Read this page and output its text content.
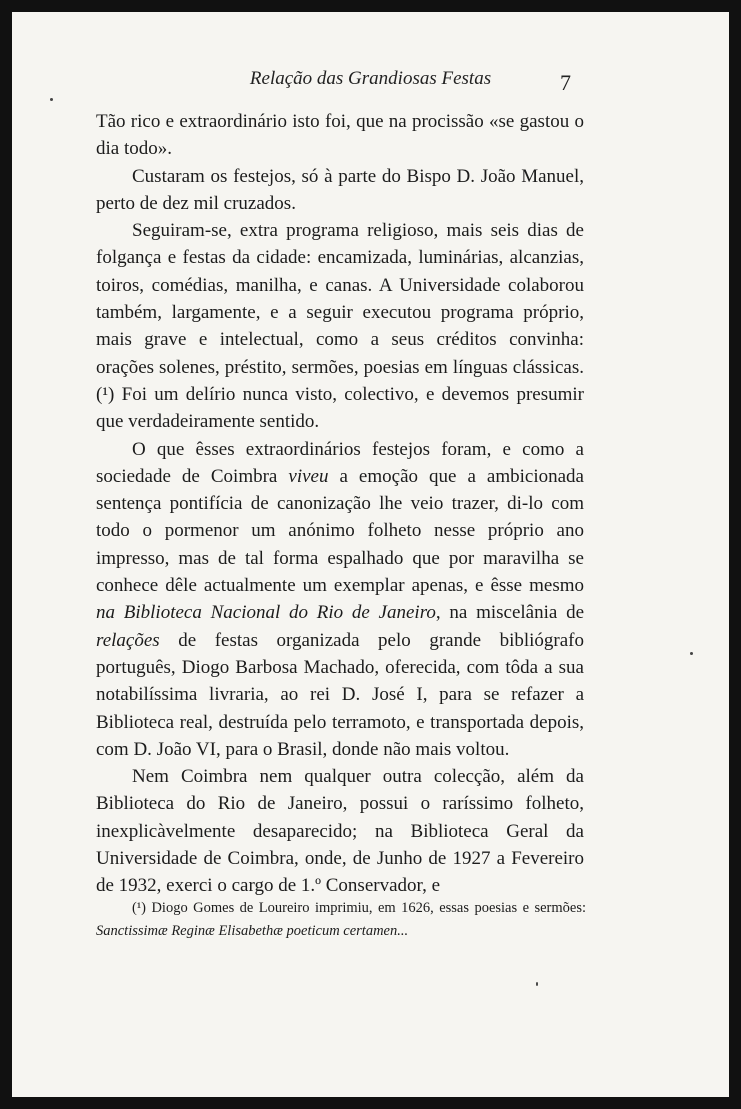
Relação das Grandiosas Festas	7

Tão rico e extraordinário isto foi, que na procissão «se gastou o dia todo».

Custaram os festejos, só à parte do Bispo D. João Manuel, perto de dez mil cruzados.

Seguiram-se, extra programa religioso, mais seis dias de folgança e festas da cidade: encamizada, luminárias, alcanzias, toiros, comédias, manilha, e canas. A Universidade colaborou também, largamente, e a seguir executou programa próprio, mais grave e intelectual, como a seus créditos convinha: orações solenes, préstito, sermões, poesias em línguas clássicas.(¹) Foi um delírio nunca visto, colectivo, e devemos presumir que verdadeiramente sentido.

O que êsses extraordinários festejos foram, e como a sociedade de Coimbra viveu a emoção que a ambicionada sentença pontifícia de canonização lhe veio trazer, di-lo com todo o pormenor um anónimo folheto nesse próprio ano impresso, mas de tal forma espalhado que por maravilha se conhece dêle actualmente um exemplar apenas, e êsse mesmo na Biblioteca Nacional do Rio de Janeiro, na miscelânia de relações de festas organizada pelo grande bibliógrafo português, Diogo Barbosa Machado, oferecida, com tôda a sua notabilíssima livraria, ao rei D. José I, para se refazer a Biblioteca real, destruída pelo terramoto, e transportada depois, com D. João VI, para o Brasil, donde não mais voltou.

Nem Coimbra nem qualquer outra colecção, além da Biblioteca do Rio de Janeiro, possui o raríssimo folheto, inexplicàvelmente desaparecido; na Biblioteca Geral da Universidade de Coimbra, onde, de Junho de 1927 a Fevereiro de 1932, exerci o cargo de 1.º Conservador, e

(¹) Diogo Gomes de Loureiro imprimiu, em 1626, essas poesias e sermões: Sanctissimæ Reginæ Elisabethæ poeticum certamen...
